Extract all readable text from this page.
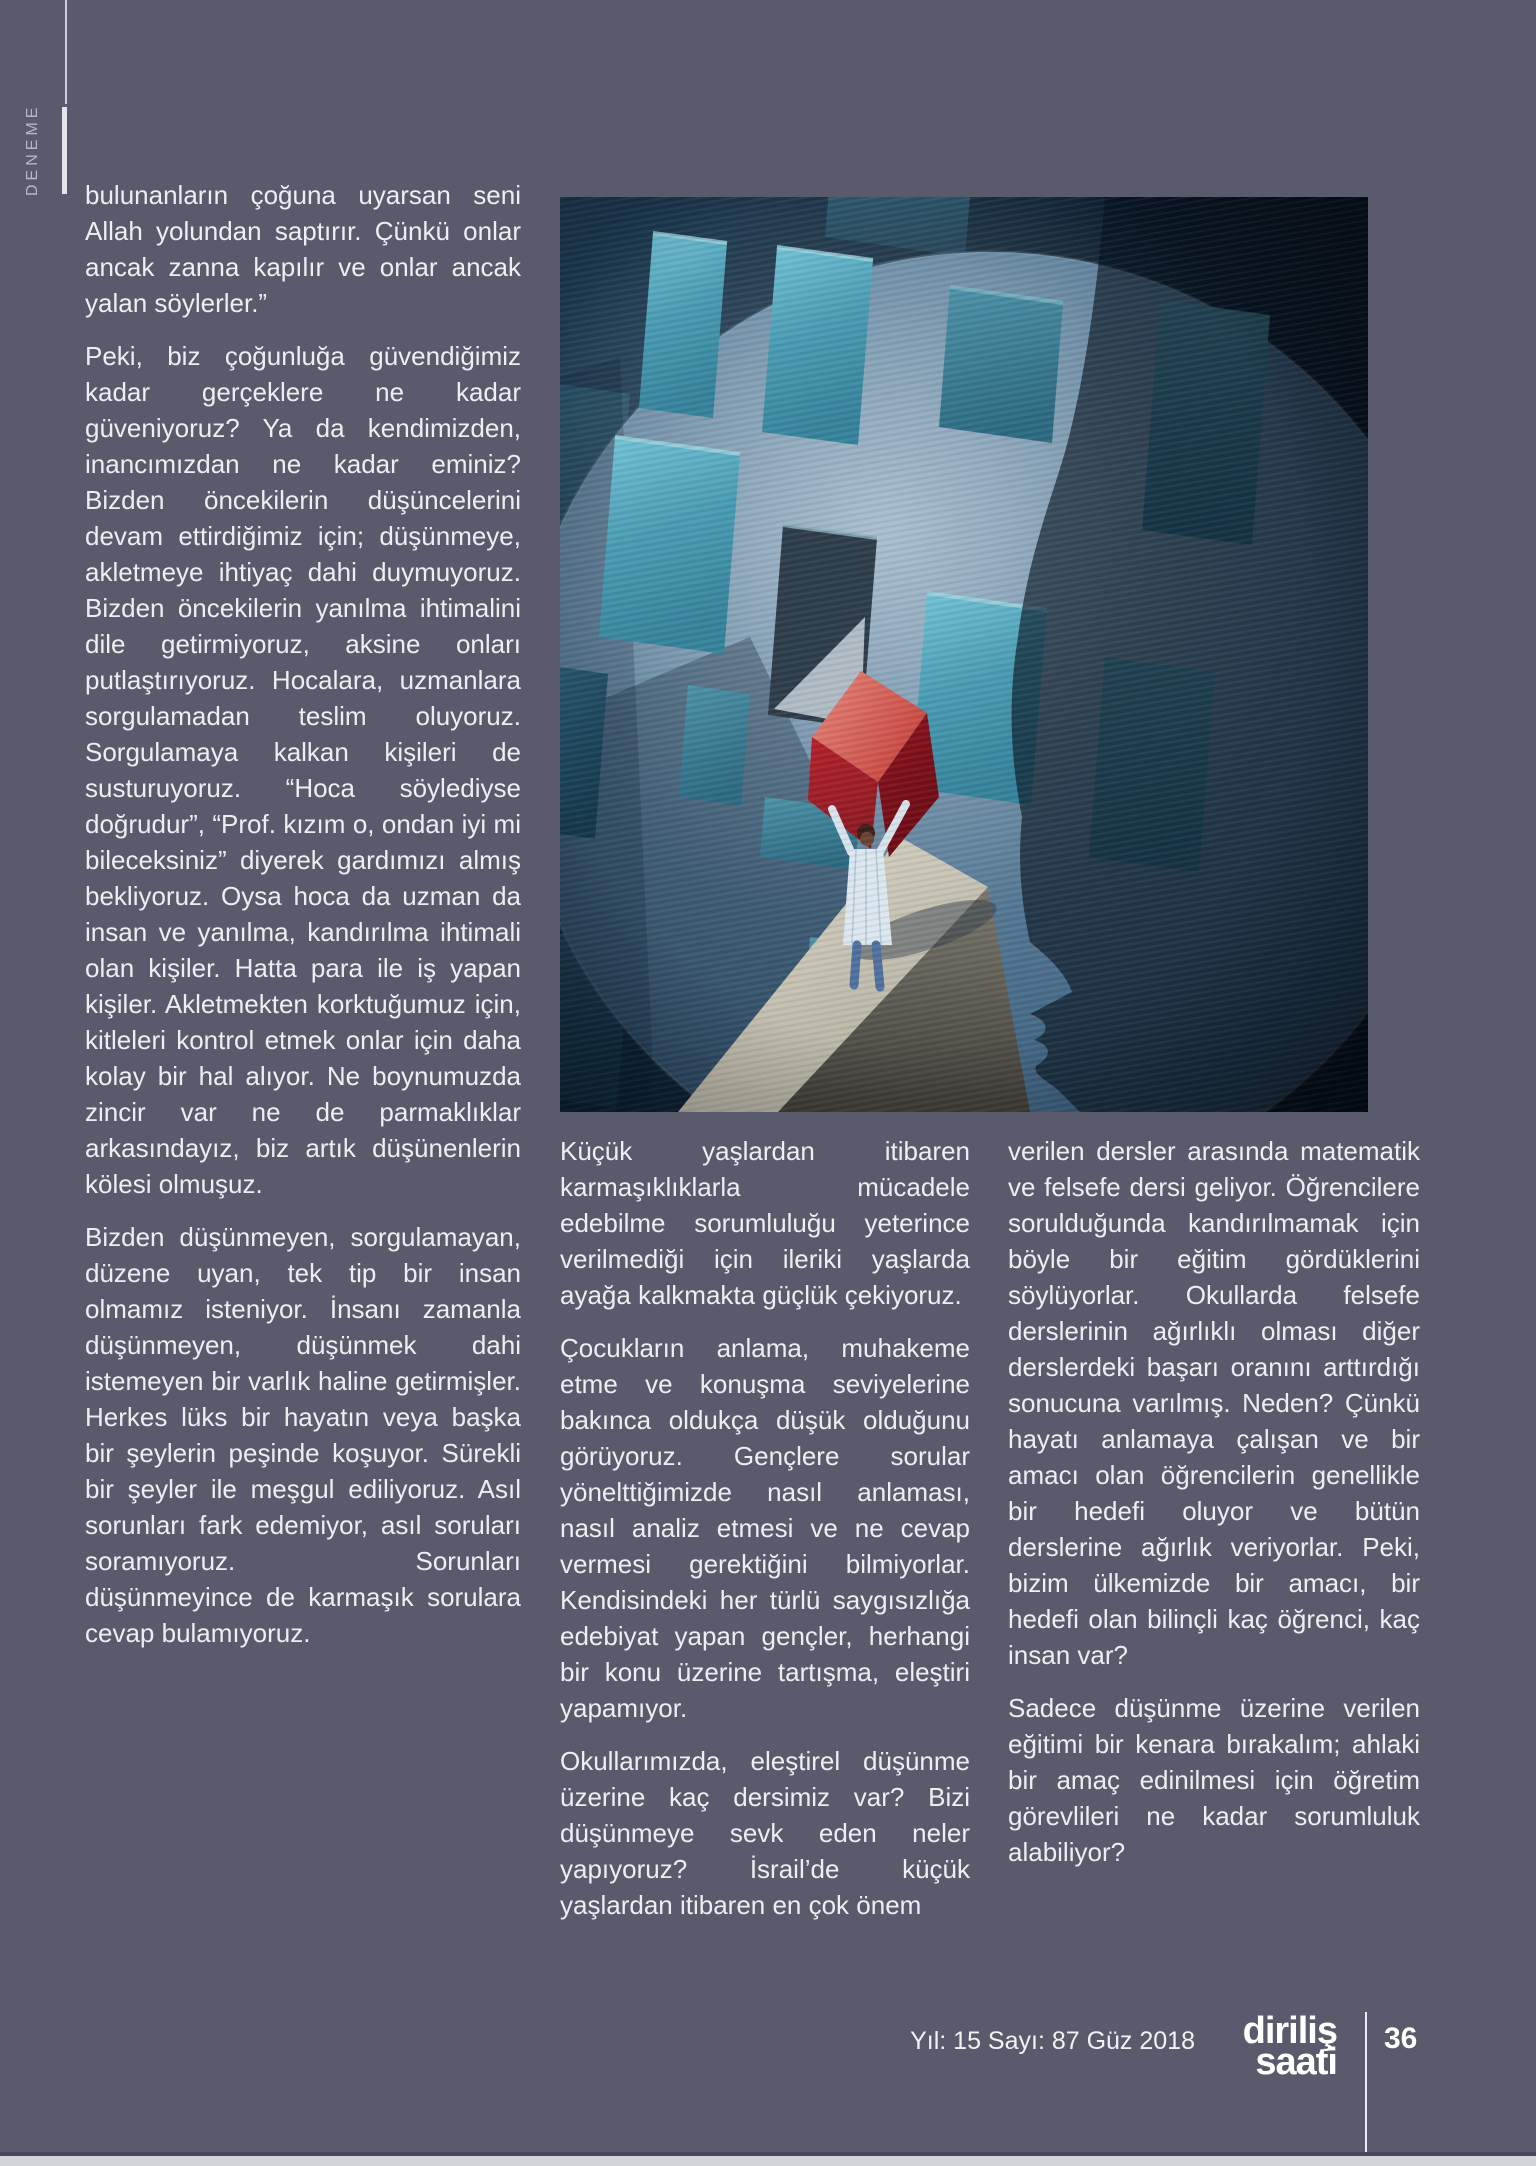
DENEME bulunanların çoğuna uyarsan seni Allah yolundan saptırır. Çünkü onlar ancak zanna kapılır ve onlar ancak yalan söylerler.”

Peki, biz çoğunluğa güvendiğimiz kadar gerçeklere ne kadar güveniyoruz? Ya da kendimizden, inancımızdan ne kadar eminiz? Bizden öncekilerin düşüncelerini devam ettirdiğimiz için; düşünmeye, akletmeye ihtiyaç dahi duymuyoruz. Bizden öncekilerin yanılma ihtimalini dile getirmiyoruz, aksine onları putlaştırıyoruz. Hocalara, uzmanlara sorgulamadan teslim oluyoruz. Sorgulamaya kalkan kişileri de susturuyoruz. “Hoca söylediyse doğrudur”, “Prof. kızım o, ondan iyi mi bileceksiniz” diyerek gardımızı almış bekliyoruz. Oysa hoca da uzman da insan ve yanılma, kandırılma ihtimali olan kişiler. Hatta para ile iş yapan kişiler. Akletmekten korktuğumuz için, kitleleri kontrol etmek onlar için daha kolay bir hal alıyor. Ne boynumuzda zincir var ne de parmaklıklar arkasındayız, biz artık düşünenlerin kölesi olmuşuz.

Bizden düşünmeyen, sorgulamayan, düzene uyan, tek tip bir insan olmamız isteniyor. İnsanı zamanla düşünmeyen, düşünmek dahi istemeyen bir varlık haline getirmişler. Herkes lüks bir hayatın veya başka bir şeylerin peşinde koşuyor. Sürekli bir şeyler ile meşgul ediliyoruz. Asıl sorunları fark edemiyor, asıl soruları soramıyoruz. Sorunları düşünmeyince de karmaşık sorulara cevap bulamıyoruz.

Küçük yaşlardan itibaren karmaşıklıklarla mücadele edebilme sorumluluğu yeterince verilmediği için ileriki yaşlarda ayağa kalkmakta güçlük çekiyoruz.

Çocukların anlama, muhakeme etme ve konuşma seviyelerine bakınca oldukça düşük olduğunu görüyoruz. Gençlere sorular yönelttiğimizde nasıl anlaması, nasıl analiz etmesi ve ne cevap vermesi gerektiğini bilmiyorlar. Kendisindeki her türlü saygısızlığa edebiyat yapan gençler, herhangi bir konu üzerine tartışma, eleştiri yapamıyor.

Okullarımızda, eleştirel düşünme üzerine kaç dersimiz var? Bizi düşünmeye sevk eden neler yapıyoruz? İsrail’de küçük yaşlardan itibaren en çok önem

verilen dersler arasında matematik ve felsefe dersi geliyor. Öğrencilere sorulduğunda kandırılmamak için böyle bir eğitim gördüklerini söylüyorlar. Okullarda felsefe derslerinin ağırlıklı olması diğer derslerdeki başarı oranını arttırdığı sonucuna varılmış. Neden? Çünkü hayatı anlamaya çalışan ve bir amacı olan öğrencilerin genellikle bir hedefi oluyor ve bütün derslerine ağırlık veriyorlar. Peki, bizim ülkemizde bir amacı, bir hedefi olan bilinçli kaç öğrenci, kaç insan var?

Sadece düşünme üzerine verilen eğitimi bir kenara bırakalım; ahlaki bir amaç edinilmesi için öğretim görevlileri ne kadar sorumluluk alabiliyor?

Yıl: 15 Sayı: 87 Güz 2018	diriliş
saati
36
